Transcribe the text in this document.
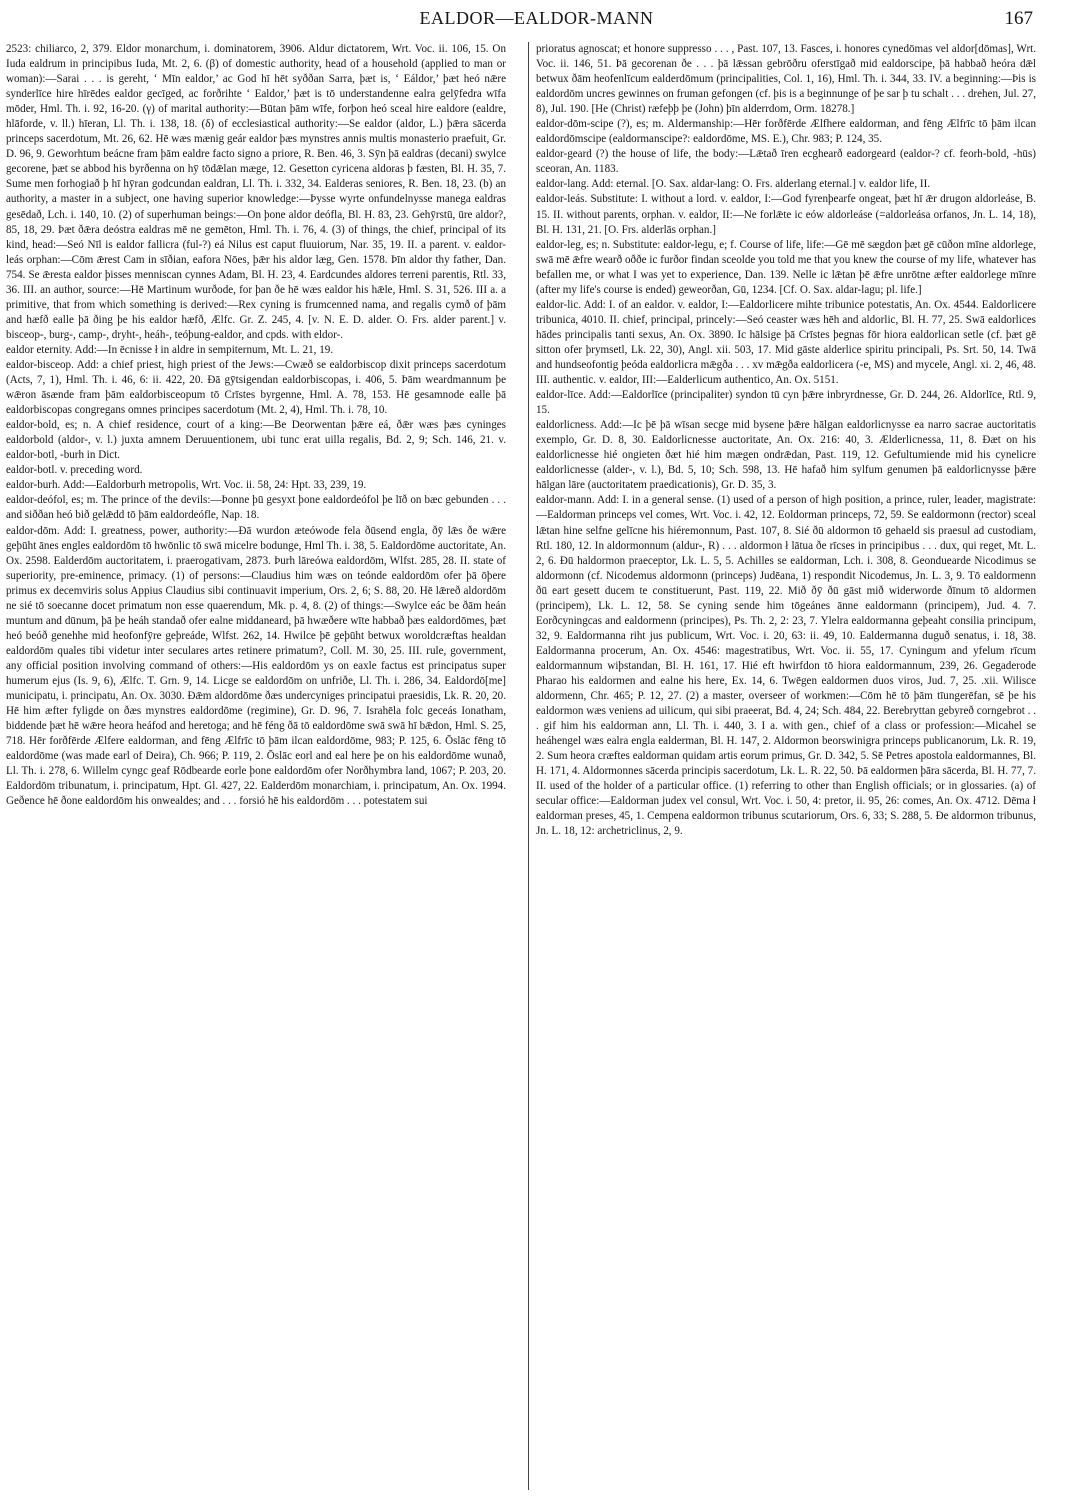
EALDOR—EALDOR-MANN	167

2523: chiliarco, 2, 379. Eldor monarchum, i. dominatorem, 3906. Aldur dictatorem, Wrt. Voc. ii. 106, 15. On Iuda ealdrum in principibus Iuda, Mt. 2, 6. (β) of domestic authority, head of a household (applied to man or woman):—Sarai . . . is gereht, ‘ Mīn ealdor,’ ac God hī hēt syððan Sarra, þæt is, ‘ Eáldor,’ þæt heó nǣre synderlīce hire hīrēdes ealdor gecīged, ac forðrihte ‘ Ealdor,’ þæt is tō understandenne ealra gelȳfedra wīfa mōder, Hml. Th. i. 92, 16-20. (γ) of marital authority:—Būtan þām wīfe, forþon heó sceal hire ealdore (ealdre, hlāforde, v. ll.) hīeran, Ll. Th. i. 138, 18. (δ) of ecclesiastical authority:—Se ealdor (aldor, L.) þǣra sācerda princeps sacerdotum, Mt. 26, 62. Hē wæs mænig geár ealdor þæs mynstres annis multis monasterio praefuit, Gr. D. 96, 9. Geworhtum beácne fram þām ealdre facto signo a priore, R. Ben. 46, 3. Sȳn þā ealdras (decani) swylce gecorene, þæt se abbod his byrðenna on hȳ tōdǣlan mæge, 12. Gesetton cyricena aldoras þ fæsten, Bl. H. 35, 7. Sume men forhogiað þ hī hȳran godcundan ealdran, Ll. Th. i. 332, 34. Ealderas seniores, R. Ben. 18, 23. (b) an authority, a master in a subject, one having superior knowledge:—Þysse wyrte onfundelnysse manega ealdras gesēdað, Lch. i. 140, 10. (2) of superhuman beings:—On þone aldor deófla, Bl. H. 83, 23. Gehȳrstū, ūre aldor?, 85, 18, 29. Þæt ðǣra deóstra ealdras mē ne gemēton, Hml. Th. i. 76, 4. (3) of things, the chief, principal of its kind, head:—Seó Nīl is ealdor fallicra (ful-?) eá Nilus est caput fluuiorum, Nar. 35, 19. II. a parent. v. ealdor-leás orphan:—Cōm ǣrest Cam in sīðian, eafora Nōes, þǣr his aldor læg, Gen. 1578. Þīn aldor thy father, Dan. 754. Se ǣresta ealdor þisses menniscan cynnes Adam, Bl. H. 23, 4. Eardcundes aldores terreni parentis, Rtl. 33, 36. III. an author, source:—Hē Martinum wurðode, for þan ðe hē wæs ealdor his hǣle, Hml. S. 31, 526. III a. a primitive, that from which something is derived:—Rex cyning is frumcenned nama, and regalis cymð of þām and hæfð ealle þā ðing þe his ealdor hæfð, Ælfc. Gr. Z. 245, 4. [v. N. E. D. alder. O. Frs. alder parent.] v. bisceop-, burg-, camp-, dryht-, heáh-, teóþung-ealdor, and cpds. with eldor-.

ealdor eternity. Add:—In ēcnisse ł in aldre in sempiternum, Mt. L. 21, 19.

ealdor-bisceop. Add: a chief priest, high priest of the Jews:—Cwæð se ealdorbiscop dixit princeps sacerdotum (Acts, 7, 1), Hml. Th. i. 46, 6: ii. 422, 20. Ðā gȳtsigendan ealdorbiscopas, i. 406, 5. Þām weardmannum þe wǣron āsænde fram þām ealdorbisceopum tō Crīstes byrgenne, Hml. A. 78, 153. Hē gesamnode ealle þā ealdorbiscopas congregans omnes principes sacerdotum (Mt. 2, 4), Hml. Th. i. 78, 10.

ealdor-bold, es; n. A chief residence, court of a king:—Be Deorwentan þǣre eá, ðǣr wæs þæs cyninges ealdorbold (aldor-, v. l.) juxta amnem Deruuentionem, ubi tunc erat uilla regalis, Bd. 2, 9; Sch. 146, 21. v. ealdor-botl, -burh in Dict.

ealdor-botl. v. preceding word.

ealdor-burh. Add:—Ealdorburh metropolis, Wrt. Voc. ii. 58, 24: Hpt. 33, 239, 19.

ealdor-deófol, es; m. The prince of the devils:—Þonne þū gesyxt þone ealdordeófol þe līð on bæc gebunden . . . and siððan heó bið gelǣdd tō þām ealdordeófle, Nap. 18.

ealdor-dōm. Add: I. greatness, power, authority:—Ðā wurdon æteówode fela ðūsend engla, ðȳ lǣs ðe wǣre geþūht ānes engles ealdordōm tō hwōnlic tō swā micelre bodunge, Hml Th. i. 38, 5. Ealdordōme auctoritate, An. Ox. 2598. Ealderdōm auctoritatem, i. praerogativam, 2873. Þurh lāreówa ealdordōm, Wlfst. 285, 28. II. state of superiority, pre-eminence, primacy. (1) of persons:—Claudius him wæs on teónde ealdordōm ofer þā ōþere primus ex decemviris solus Appius Claudius sibi continuavit imperium, Ors. 2, 6; S. 88, 20. Hē lǣreð aldordōm ne sié tō soecanne docet primatum non esse quaerendum, Mk. p. 4, 8. (2) of things:—Swylce eác be ðām heán muntum and dūnum, þā þe heáh standað ofer ealne middaneard, þā hwæðere wīte habbað þæs ealdordōmes, þæt heó beóð genehhe mid heofonfȳre geþreáde, Wlfst. 262, 14. Hwilce þē geþūht betwux woroldcræftas healdan ealdordōm quales tibi videtur inter seculares artes retinere primatum?, Coll. M. 30, 25. III. rule, government, any official position involving command of others:—His ealdordōm ys on eaxle factus est principatus super humerum ejus (Is. 9, 6), Ælfc. T. Grn. 9, 14. Licge se ealdordōm on unfriðe, Ll. Th. i. 286, 34. Ealdordō[me] municipatu, i. principatu, An. Ox. 3030. Ðǣm aldordōme ðæs undercyniges principatui praesidis, Lk. R. 20, 20. Hē him æfter fyligde on ðæs mynstres ealdordōme (regimine), Gr. D. 96, 7. Israhēla folc geceás Ionatham, biddende þæt hē wǣre heora heáfod and heretoga; and hē féng ðā tō ealdordōme swā swā hī bǣdon, Hml. S. 25, 718. Hēr forðfērde Ælfere ealdorman, and fēng Ælfrīc tō þām ilcan ealdordōme, 983; P. 125, 6. Ōslāc fēng tō ealdordōme (was made earl of Deira), Ch. 966; P. 119, 2. Ōslāc eorl and eal here þe on his ealdordōme wunað, Ll. Th. i. 278, 6. Willelm cyngc geaf Rōdbearde eorle þone ealdordōm ofer Norðhymbra land, 1067; P. 203, 20. Ealdordōm tribunatum, i. principatum, Hpt. Gl. 427, 22. Ealderdōm monarchiam, i. principatum, An. Ox. 1994. Geðence hē ðone ealdordōm his onwealdes; and . . . forsió hē his ealdordōm . . . potestatem sui

prioratus agnoscat; et honore suppresso . . . , Past. 107, 13. Fasces, i. honores cynedōmas vel aldor[dōmas], Wrt. Voc. ii. 146, 51. Þā gecorenan ðe . . . þā lǣssan gebrōðru oferstīgað mid ealdorscipe, þā habbað heóra dǣl betwux ðām heofenlīcum ealderdōmum (principalities, Col. 1, 16), Hml. Th. i. 344, 33. IV. a beginning:—Þis is ealdordōm uncres gewinnes on fruman gefongen (cf. þis is a beginnunge of þe sar þ tu schalt . . . drehen, Jul. 27, 8), Jul. 190. [He (Christ) ræfeþþ þe (John) þīn alderrdom, Orm. 18278.]

ealdor-dōm-scipe (?), es; m. Aldermanship:—Hēr forðfērde Ælfhere ealdorman, and fēng Ælfrīc tō þām ilcan ealdordōmscipe (ealdormanscipe?: ealdordōme, MS. E.), Chr. 983; P. 124, 35.

ealdor-geard (?) the house of life, the body:—Lǣtað īren ecghearð eadorgeard (ealdor-? cf. feorh-bold, -hūs) sceoran, An. 1183.

ealdor-lang. Add: eternal. [O. Sax. aldar-lang: O. Frs. alderlang eternal.] v. ealdor life, II.

ealdor-leás. Substitute: I. without a lord. v. ealdor, I:—God fyrenþearfe ongeat, þæt hī ǣr drugon aldorleáse, B. 15. II. without parents, orphan. v. ealdor, II:—Ne forlǣte ic eów aldorleáse (=aldorleása orfanos, Jn. L. 14, 18), Bl. H. 131, 21. [O. Frs. alderlās orphan.]

ealdor-leg, es; n. Substitute: ealdor-legu, e; f. Course of life, life:—Gē mē sægdon þæt gē cūðon mīne aldorlege, swā mē ǣfre wearð oððe ic furðor findan sceolde you told me that you knew the course of my life, whatever has befallen me, or what I was yet to experience, Dan. 139. Nelle ic lǣtan þē ǣfre unrōtne æfter ealdorlege mīnre (after my life's course is ended) geweorðan, Gū, 1234. [Cf. O. Sax. aldar-lagu; pl. life.]

ealdor-lic. Add: I. of an ealdor. v. ealdor, I:—Ealdorlicere mihte tribunice potestatis, An. Ox. 4544. Ealdorlicere tribunica, 4010. II. chief, principal, princely:—Seó ceaster wæs hēh and aldorlic, Bl. H. 77, 25. Swā ealdorlices hādes principalis tanti sexus, An. Ox. 3890. Ic hālsige þā Crīstes þegnas fōr hiora ealdorlican setle (cf. þæt gē sitton ofer þrymsetl, Lk. 22, 30), Angl. xii. 503, 17. Mid gāste alderlice spiritu principali, Ps. Srt. 50, 14. Twā and hundseofontig þeóda ealdorlicra mǣgða . . . xv mǣgða ealdorlicera (-e, MS) and mycele, Angl. xi. 2, 46, 48. III. authentic. v. ealdor, III:—Ealderlicum authentico, An. Ox. 5151.

ealdor-līce. Add:—Ealdorlīce (principaliter) syndon tū cyn þǣre inbryrdnesse, Gr. D. 244, 26. Aldorlīce, Rtl. 9, 15.

ealdorlicness. Add:—Ic þē þā wīsan secge mid bysene þǣre hālgan ealdorlicnysse ea narro sacrae auctoritatis exemplo, Gr. D. 8, 30. Ealdorlicnesse auctoritate, An. Ox. 216: 40, 3. Ælderlicnessa, 11, 8. Ðæt on his ealdorlicnesse hié ongieten ðæt hié him mægen ondrǣdan, Past. 119, 12. Gefultumiende mid his cynelicre ealdorlicnesse (alder-, v. l.), Bd. 5, 10; Sch. 598, 13. Hē hafað him sylfum genumen þā ealdorlicnysse þǣre hālgan lāre (auctoritatem praedicationis), Gr. D. 35, 3.

ealdor-mann. Add: I. in a general sense. (1) used of a person of high position, a prince, ruler, leader, magistrate:—Ealdorman princeps vel comes, Wrt. Voc. i. 42, 12. Eoldorman princeps, 72, 59. Se ealdormonn (rector) sceal lǣtan hine selfne gelīcne his hiéremonnum, Past. 107, 8. Sié ðū aldormon tō gehaeld sis praesul ad custodiam, Rtl. 180, 12. In aldormonnum (aldur-, R) . . . aldormon ł lātua ðe rīcses in principibus . . . dux, qui reget, Mt. L. 2, 6. Ðū haldormon praeceptor, Lk. L. 5, 5. Achilles se ealdorman, Lch. i. 308, 8. Geonduearde Nicodimus se aldormonn (cf. Nicodemus aldormonn (princeps) Judēana, 1) respondit Nicodemus, Jn. L. 3, 9. Tō ealdormenn ðū eart gesett ducem te constituerunt, Past. 119, 22. Mið ðȳ ðū gāst mið widerworde ðīnum tō aldormen (principem), Lk. L. 12, 58. Se cyning sende him tōgeánes ānne ealdormann (principem), Jud. 4. 7. Eorðcyningcas and ealdormenn (principes), Ps. Th. 2, 2: 23, 7. Ylelra ealdormanna geþeaht consilia principum, 32, 9. Ealdormanna riht jus publicum, Wrt. Voc. i. 20, 63: ii. 49, 10. Ealdermanna duguð senatus, i. 18, 38. Ealdormanna procerum, An. Ox. 4546: magestratibus, Wrt. Voc. ii. 55, 17. Cyningum and yfelum rīcum ealdormannum wiþstandan, Bl. H. 161, 17. Hié eft hwirfdon tō hiora ealdormannum, 239, 26. Gegaderode Pharao his ealdormen and ealne his here, Ex. 14, 6. Twēgen ealdormen duos viros, Jud. 7, 25. .xii. Wilisce aldormenn, Chr. 465; P. 12, 27. (2) a master, overseer of workmen:—Cōm hē tō þām tīungerēfan, sē þe his ealdormon wæs veniens ad uilicum, qui sibi praeerat, Bd. 4, 24; Sch. 484, 22. Berebryttan gebyreð corngebrot . . . gif him his ealdorman ann, Ll. Th. i. 440, 3. I a. with gen., chief of a class or profession:—Micahel se heáhengel wæs ealra engla ealderman, Bl. H. 147, 2. Aldormon beorswinigra princeps publicanorum, Lk. R. 19, 2. Sum heora cræftes ealdorman quidam artis eorum primus, Gr. D. 342, 5. Sē Petres apostola ealdormannes, Bl. H. 171, 4. Aldormonnes sācerda principis sacerdotum, Lk. L. R. 22, 50. Þā ealdormen þāra sācerda, Bl. H. 77, 7. II. used of the holder of a particular office. (1) referring to other than English officials; or in glossaries. (a) of secular office:—Ealdorman judex vel consul, Wrt. Voc. i. 50, 4: pretor, ii. 95, 26: comes, An. Ox. 4712. Dēma ł ealdorman preses, 45, 1. Cempena ealdormon tribunus scutariorum, Ors. 6, 33; S. 288, 5. Ðe aldormon tribunus, Jn. L. 18, 12: archetriclinus, 2, 9.
